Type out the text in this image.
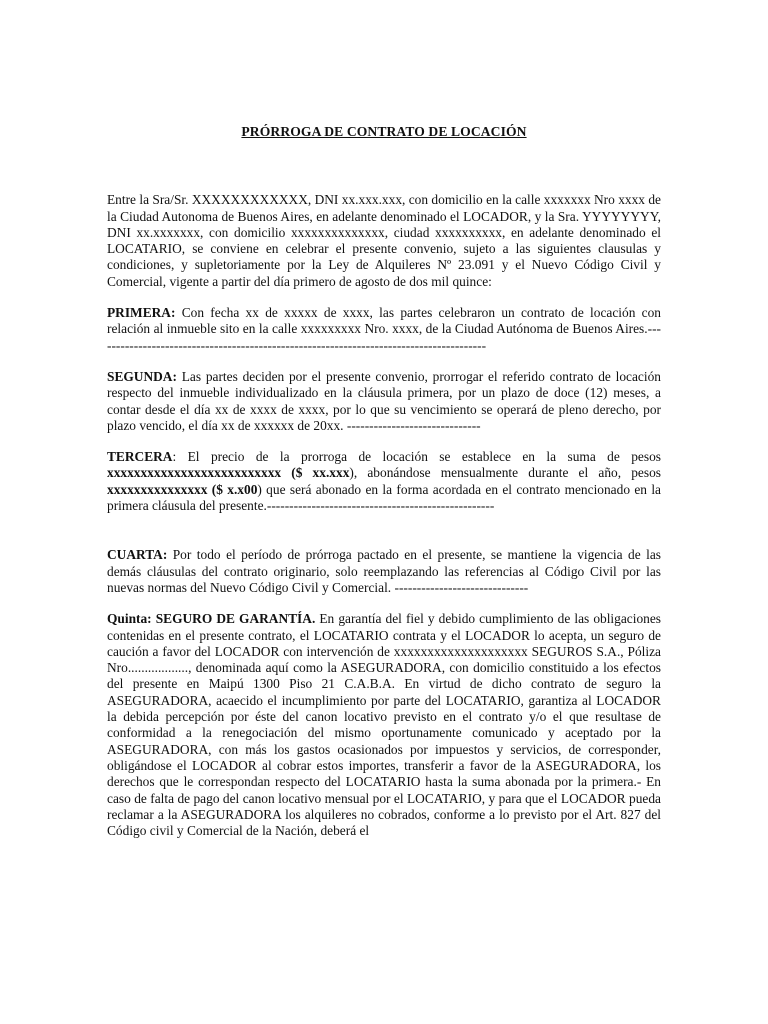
PRÓRROGA DE CONTRATO DE LOCACIÓN

Entre la Sra/Sr. XXXXXXXXXXXX, DNI xx.xxx.xxx, con domicilio en la calle xxxxxxx Nro xxxx de la Ciudad Autonoma de Buenos Aires, en adelante denominado el LOCADOR, y la Sra. YYYYYYYY, DNI xx.xxxxxxx, con domicilio xxxxxxxxxxxxxx, ciudad xxxxxxxxxx, en adelante denominado el LOCATARIO, se conviene en celebrar el presente convenio, sujeto a las siguientes clausulas y condiciones, y supletoriamente por la Ley de Alquileres Nº 23.091 y el Nuevo Código Civil y Comercial, vigente a partir del día primero de agosto de dos mil quince:

PRIMERA: Con fecha xx de xxxxx de xxxx, las partes celebraron un contrato de locación con relación al inmueble sito en la calle xxxxxxxxx Nro. xxxx, de la Ciudad Autónoma de Buenos Aires.----------------------------------------------------------------------------------------

SEGUNDA: Las partes deciden por el presente convenio, prorrogar el referido contrato de locación respecto del inmueble individualizado en la cláusula primera, por un plazo de doce (12) meses, a contar desde el día xx de xxxx de xxxx, por lo que su vencimiento se operará de pleno derecho, por plazo vencido, el día xx de xxxxxx de 20xx. ------------------------------

TERCERA: El precio de la prorroga de locación se establece en la suma de pesos xxxxxxxxxxxxxxxxxxxxxxxxxx ($ xx.xxx), abonándose mensualmente durante el año, pesos xxxxxxxxxxxxxxx ($ x.x00) que será abonado en la forma acordada en el contrato mencionado en la primera cláusula del presente.---------------------------------------------------

CUARTA: Por todo el período de prórroga pactado en el presente, se mantiene la vigencia de las demás cláusulas del contrato originario, solo reemplazando las referencias al Código Civil por las nuevas normas del Nuevo Código Civil y Comercial. ------------------------------

Quinta: SEGURO DE GARANTÍA. En garantía del fiel y debido cumplimiento de las obligaciones contenidas en el presente contrato, el LOCATARIO contrata y el LOCADOR lo acepta, un seguro de caución a favor del LOCADOR con intervención de xxxxxxxxxxxxxxxxxxxx SEGUROS S.A., Póliza Nro.................., denominada aquí como la ASEGURADORA, con domicilio constituido a los efectos del presente en Maipú 1300 Piso 21 C.A.B.A. En virtud de dicho contrato de seguro la ASEGURADORA, acaecido el incumplimiento por parte del LOCATARIO, garantiza al LOCADOR la debida percepción por éste del canon locativo previsto en el contrato y/o el que resultase de conformidad a la renegociación del mismo oportunamente comunicado y aceptado por la ASEGURADORA, con más los gastos ocasionados por impuestos y servicios, de corresponder, obligándose el LOCADOR al cobrar estos importes, transferir a favor de la ASEGURADORA, los derechos que le correspondan respecto del LOCATARIO hasta la suma abonada por la primera.- En caso de falta de pago del canon locativo mensual por el LOCATARIO, y para que el LOCADOR pueda reclamar a la ASEGURADORA los alquileres no cobrados, conforme a lo previsto por el Art. 827 del Código civil y Comercial de la Nación, deberá el
